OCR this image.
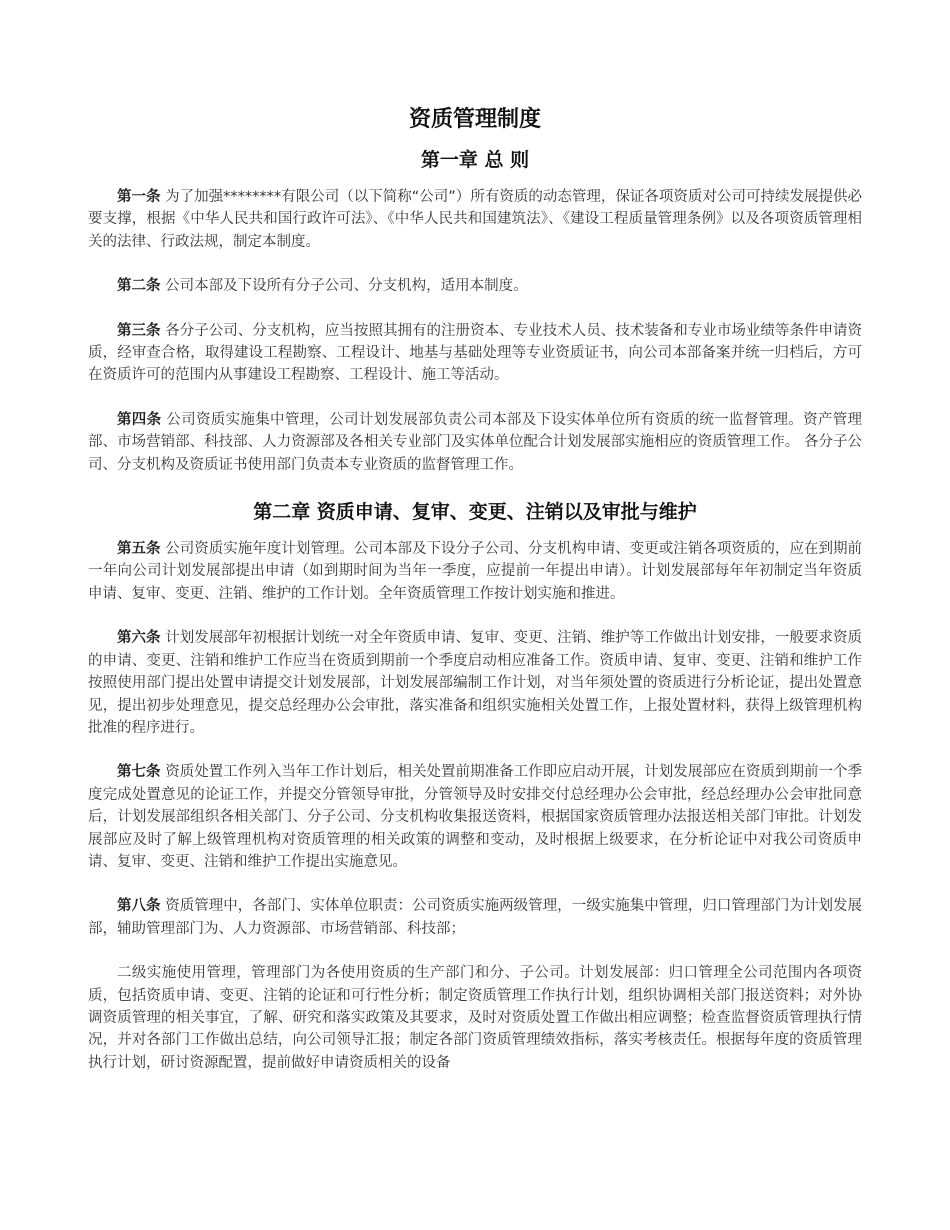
资质管理制度
第一章 总 则

第一条 为了加强********有限公司（以下简称“公司”）所有资质的动态管理，保证各项资质对公司可持续发展提供必要支撑，根据《中华人民共和国行政许可法》、《中华人民共和国建筑法》、《建设工程质量管理条例》以及各项资质管理相关的法律、行政法规，制定本制度。

第二条 公司本部及下设所有分子公司、分支机构，适用本制度。

第三条 各分子公司、分支机构，应当按照其拥有的注册资本、专业技术人员、技术装备和专业市场业绩等条件申请资质，经审查合格，取得建设工程勘察、工程设计、地基与基础处理等专业资质证书，向公司本部备案并统一归档后，方可在资质许可的范围内从事建设工程勘察、工程设计、施工等活动。

第四条 公司资质实施集中管理，公司计划发展部负责公司本部及下设实体单位所有资质的统一监督管理。资产管理部、市场营销部、科技部、人力资源部及各相关专业部门及实体单位配合计划发展部实施相应的资质管理工作。 各分子公司、分支机构及资质证书使用部门负责本专业资质的监督管理工作。

第二章 资质申请、复审、变更、注销以及审批与维护

第五条 公司资质实施年度计划管理。公司本部及下设分子公司、分支机构申请、变更或注销各项资质的，应在到期前一年向公司计划发展部提出申请（如到期时间为当年一季度，应提前一年提出申请）。计划发展部每年年初制定当年资质申请、复审、变更、注销、维护的工作计划。全年资质管理工作按计划实施和推进。

第六条 计划发展部年初根据计划统一对全年资质申请、复审、变更、注销、维护等工作做出计划安排，一般要求资质的申请、变更、注销和维护工作应当在资质到期前一个季度启动相应准备工作。资质申请、复审、变更、注销和维护工作按照使用部门提出处置申请提交计划发展部，计划发展部编制工作计划，对当年须处置的资质进行分析论证，提出处置意见，提出初步处理意见，提交总经理办公会审批，落实准备和组织实施相关处置工作，上报处置材料，获得上级管理机构批准的程序进行。

第七条 资质处置工作列入当年工作计划后，相关处置前期准备工作即应启动开展，计划发展部应在资质到期前一个季度完成处置意见的论证工作，并提交分管领导审批，分管领导及时安排交付总经理办公会审批，经总经理办公会审批同意后，计划发展部组织各相关部门、分子公司、分支机构收集报送资料，根据国家资质管理办法报送相关部门审批。计划发展部应及时了解上级管理机构对资质管理的相关政策的调整和变动，及时根据上级要求，在分析论证中对我公司资质申请、复审、变更、注销和维护工作提出实施意见。

第八条 资质管理中，各部门、实体单位职责：公司资质实施两级管理，一级实施集中管理，归口管理部门为计划发展部，辅助管理部门为、人力资源部、市场营销部、科技部；

二级实施使用管理，管理部门为各使用资质的生产部门和分、子公司。计划发展部：归口管理全公司范围内各项资质，包括资质申请、变更、注销的论证和可行性分析；制定资质管理工作执行计划，组织协调相关部门报送资料；对外协调资质管理的相关事宜，了解、研究和落实政策及其要求，及时对资质处置工作做出相应调整；检查监督资质管理执行情况，并对各部门工作做出总结，向公司领导汇报；制定各部门资质管理绩效指标，落实考核责任。根据每年度的资质管理执行计划，研讨资源配置，提前做好申请资质相关的设备
